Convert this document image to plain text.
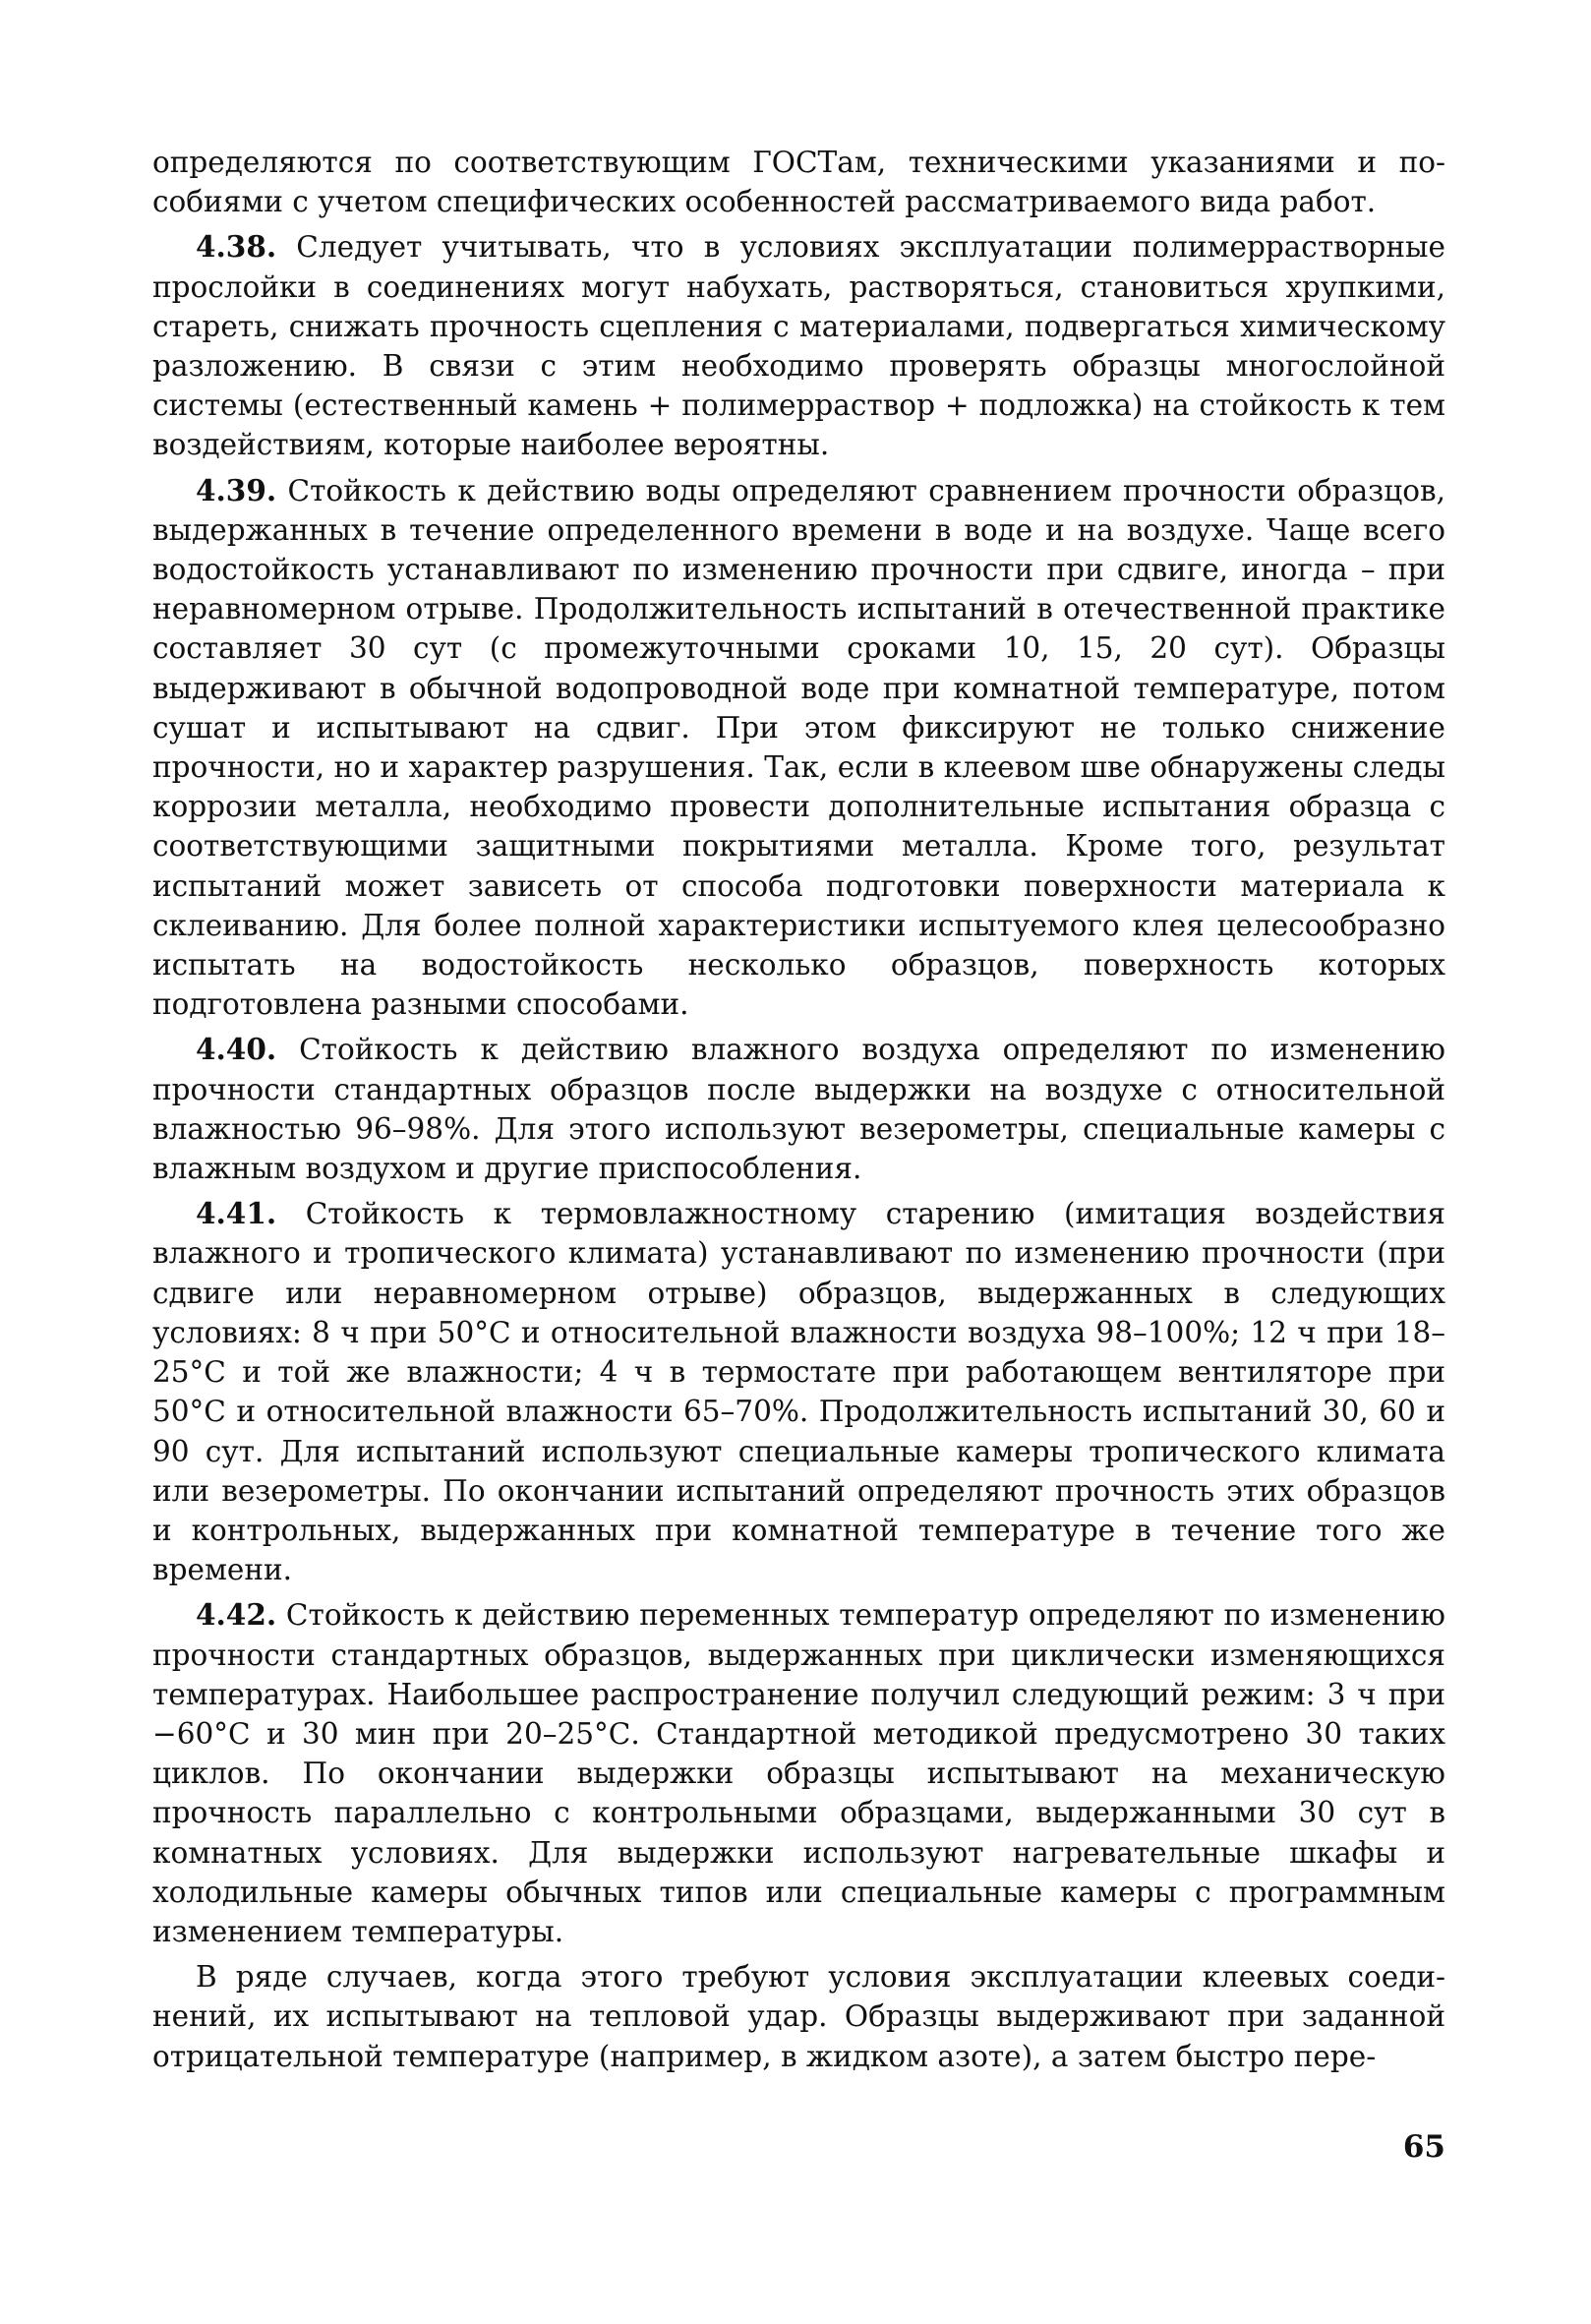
определяются по соответствующим ГОСТам, техническими указаниями и пособиями с учетом специфических особенностей рассматриваемого вида работ.

4.38. Следует учитывать, что в условиях эксплуатации полимеррастворные прослойки в соединениях могут набухать, растворяться, становиться хрупкими, стареть, снижать прочность сцепления с материалами, подвергаться химическому разложению. В связи с этим необходимо проверять образцы многослойной системы (естественный камень + полимерраствор + подложка) на стойкость к тем воздействиям, которые наиболее вероятны.

4.39. Стойкость к действию воды определяют сравнением прочности образцов, выдержанных в течение определенного времени в воде и на воздухе. Чаще всего водостойкость устанавливают по изменению прочности при сдвиге, иногда – при неравномерном отрыве. Продолжительность испытаний в отечественной практике составляет 30 сут (с промежуточными сроками 10, 15, 20 сут). Образцы выдерживают в обычной водопроводной воде при комнатной температуре, потом сушат и испытывают на сдвиг. При этом фиксируют не только снижение прочности, но и характер разрушения. Так, если в клеевом шве обнаружены следы коррозии металла, необходимо провести дополнительные испытания образца с соответствующими защитными покрытиями металла. Кроме того, результат испытаний может зависеть от способа подготовки поверхности материала к склеиванию. Для более полной характеристики испытуемого клея целесообразно испытать на водостойкость несколько образцов, поверхность которых подготовлена разными способами.

4.40. Стойкость к действию влажного воздуха определяют по изменению прочности стандартных образцов после выдержки на воздухе с относительной влажностью 96–98%. Для этого используют везерометры, специальные камеры с влажным воздухом и другие приспособления.

4.41. Стойкость к термовлажностному старению (имитация воздействия влажного и тропического климата) устанавливают по изменению прочности (при сдвиге или неравномерном отрыве) образцов, выдержанных в следующих условиях: 8 ч при 50°С и относительной влажности воздуха 98–100%; 12 ч при 18–25°С и той же влажности; 4 ч в термостате при работающем вентиляторе при 50°С и относительной влажности 65–70%. Продолжительность испытаний 30, 60 и 90 сут. Для испытаний используют специальные камеры тропического климата или везерометры. По окончании испытаний определяют прочность этих образцов и контрольных, выдержанных при комнатной температуре в течение того же времени.

4.42. Стойкость к действию переменных температур определяют по изменению прочности стандартных образцов, выдержанных при циклически изменяющихся температурах. Наибольшее распространение получил следующий режим: 3 ч при −60°С и 30 мин при 20–25°С. Стандартной методикой предусмотрено 30 таких циклов. По окончании выдержки образцы испытывают на механическую прочность параллельно с контрольными образцами, выдержанными 30 сут в комнатных условиях. Для выдержки используют нагревательные шкафы и холодильные камеры обычных типов или специальные камеры с программным изменением температуры.

В ряде случаев, когда этого требуют условия эксплуатации клеевых соединений, их испытывают на тепловой удар. Образцы выдерживают при заданной отрицательной температуре (например, в жидком азоте), а затем быстро пере-

65
